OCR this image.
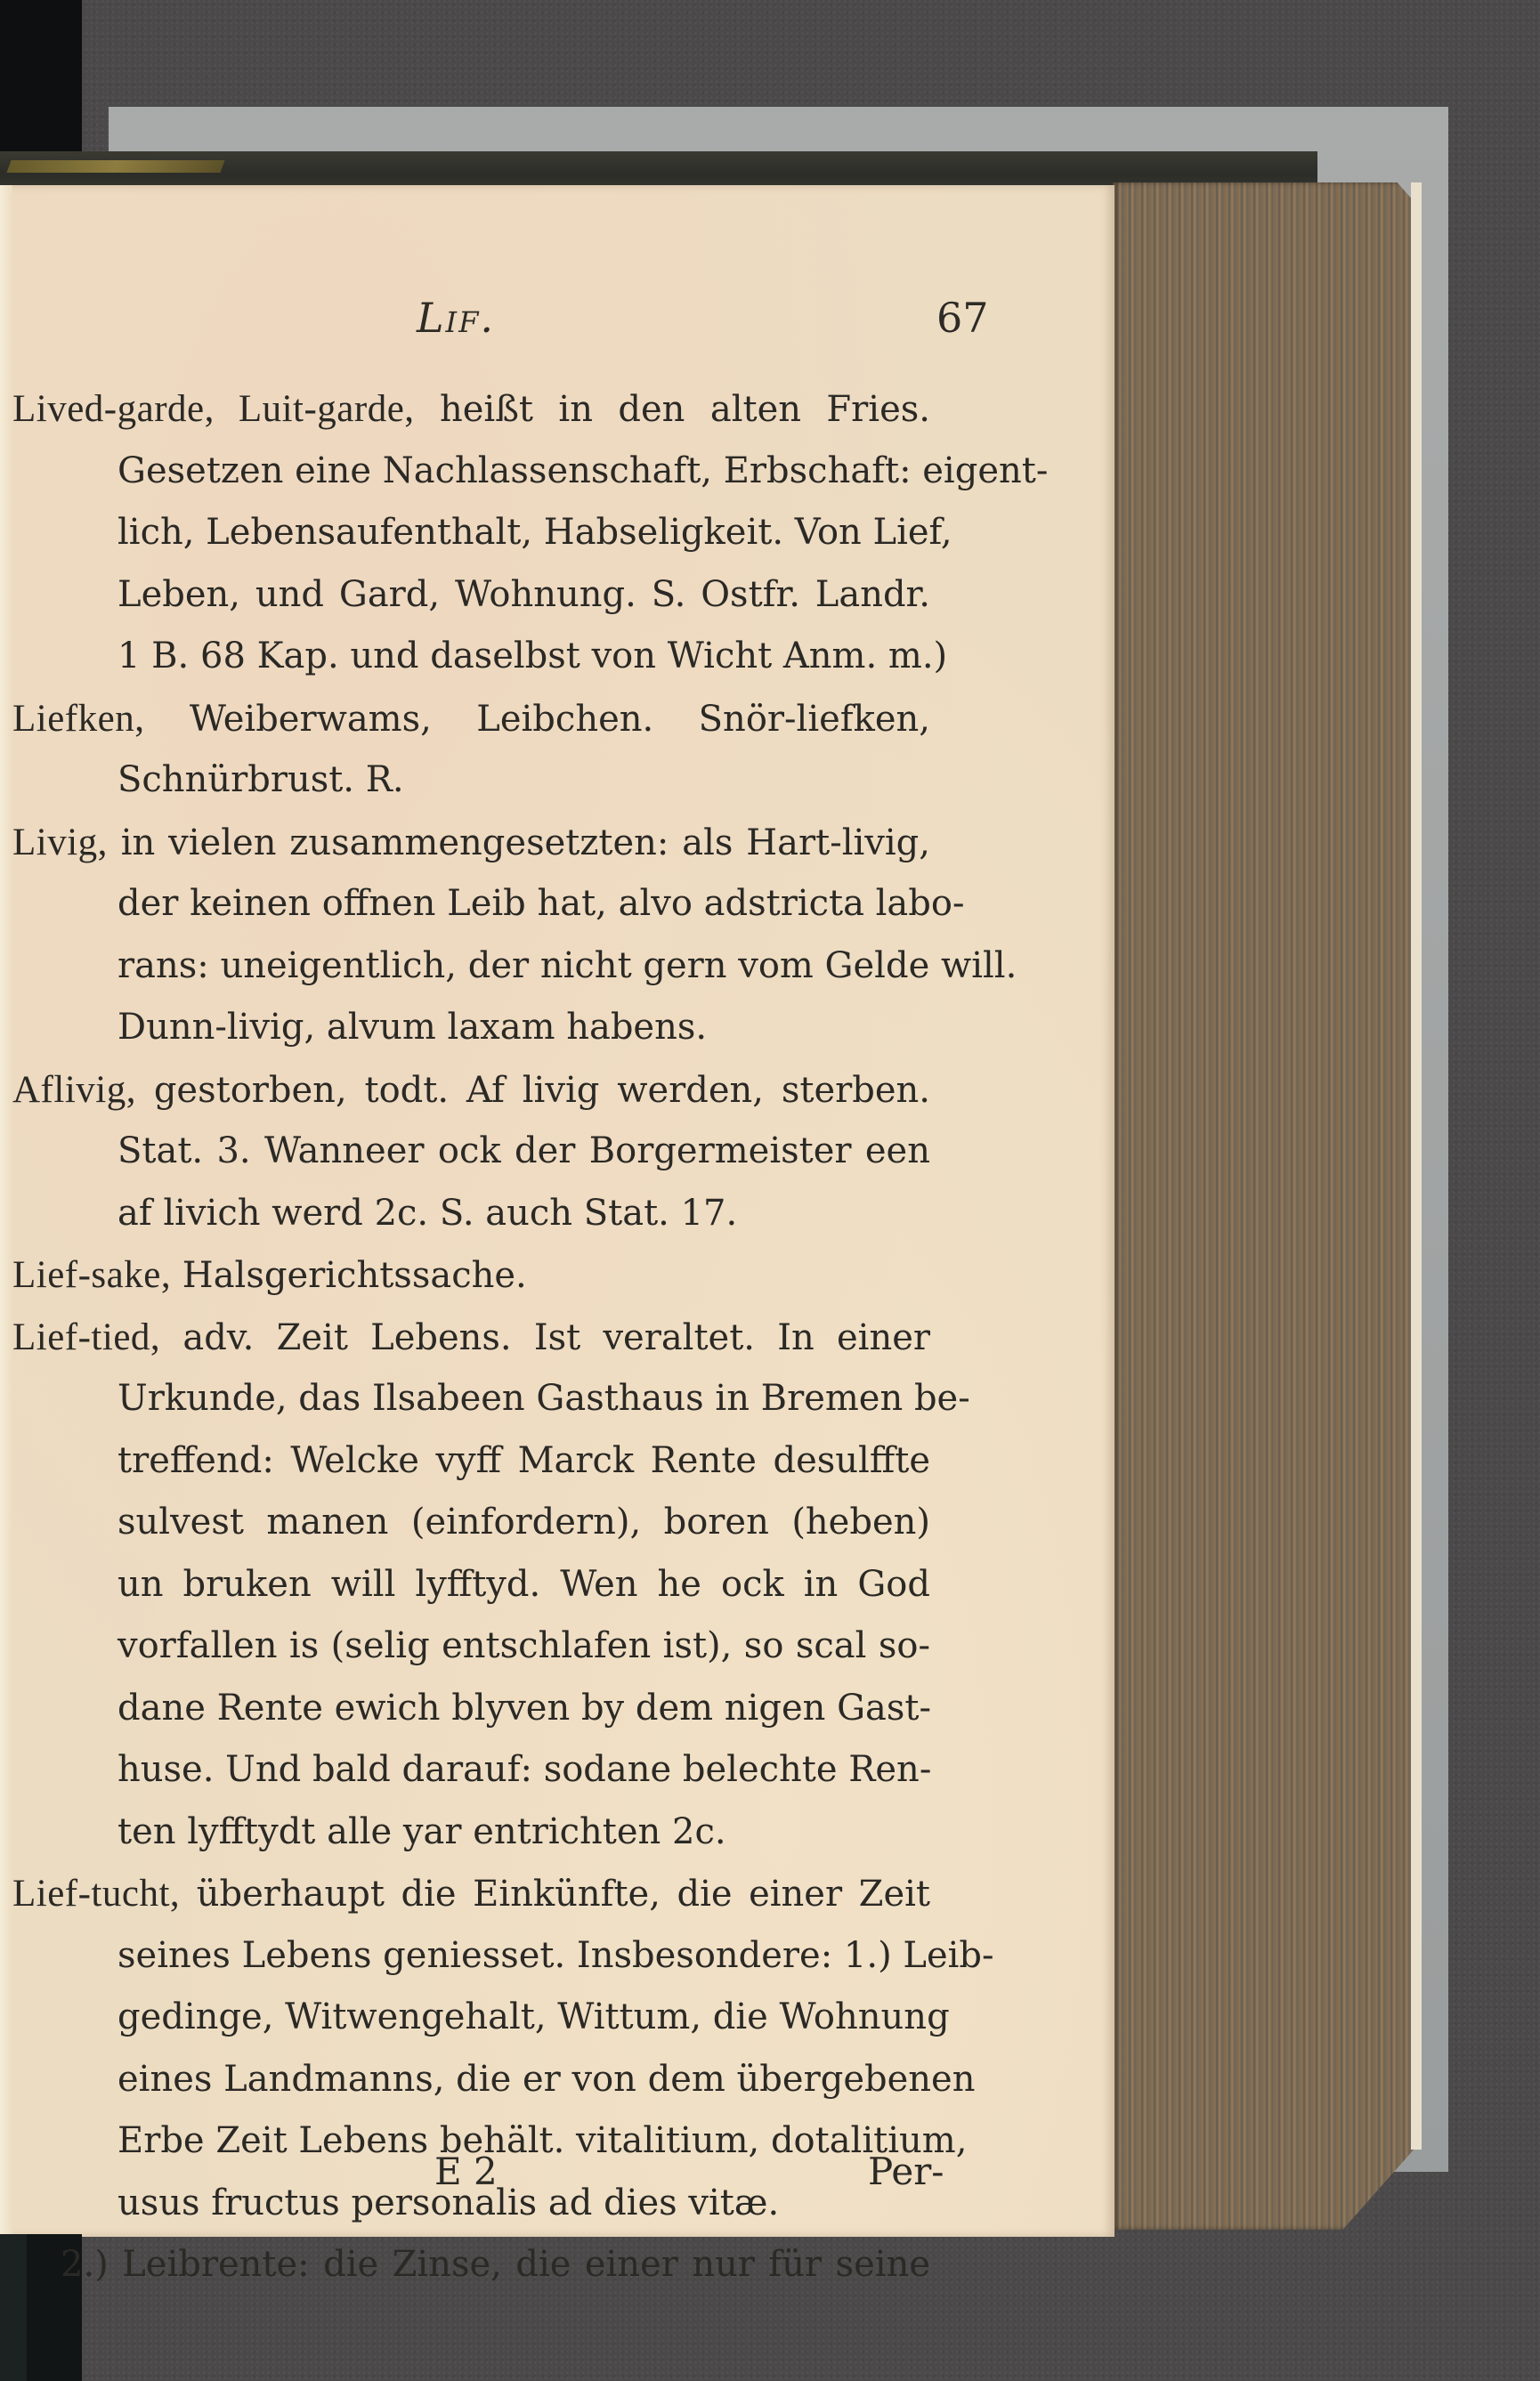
Lif.	67
Lived-garde, Luit-garde, heißt in den alten Fries.
Gesetzen eine Nachlassenschaft, Erbschaft: eigent-
lich, Lebensaufenthalt, Habseligkeit. Von Lief,
Leben, und Gard, Wohnung. S. Ostfr. Landr.
1 B. 68 Kap. und daselbst von Wicht Anm. m.)
Liefken, Weiberwams, Leibchen. Snör-liefken,
Schnürbrust. R.
Livig, in vielen zusammengesetzten: als Hart-livig,
der keinen offnen Leib hat, alvo adstricta labo-
rans: uneigentlich, der nicht gern vom Gelde will.
Dunn-livig, alvum laxam habens.
Aflivig, gestorben, todt. Af livig werden, sterben.
Stat. 3. Wanneer ock der Borgermeister een
af livich werd 2c. S. auch Stat. 17.
Lief-sake, Halsgerichtssache.
Lief-tied, adv. Zeit Lebens. Ist veraltet. In einer
Urkunde, das Ilsabeen Gasthaus in Bremen be-
treffend: Welcke vyff Marck Rente desulffte
sulvest manen (einfordern), boren (heben)
un bruken will lyfftyd. Wen he ock in God
vorfallen is (selig entschlafen ist), so scal so-
dane Rente ewich blyven by dem nigen Gast-
huse. Und bald darauf: sodane belechte Ren-
ten lyfftydt alle yar entrichten 2c.
Lief-tucht, überhaupt die Einkünfte, die einer Zeit
seines Lebens geniesset. Insbesondere: 1.) Leib-
gedinge, Witwengehalt, Wittum, die Wohnung
eines Landmanns, die er von dem übergebenen
Erbe Zeit Lebens behält. vitalitium, dotalitium,
usus fructus personalis ad dies vitæ.
2.) Leibrente: die Zinse, die einer nur für seine
E 2	Per-
